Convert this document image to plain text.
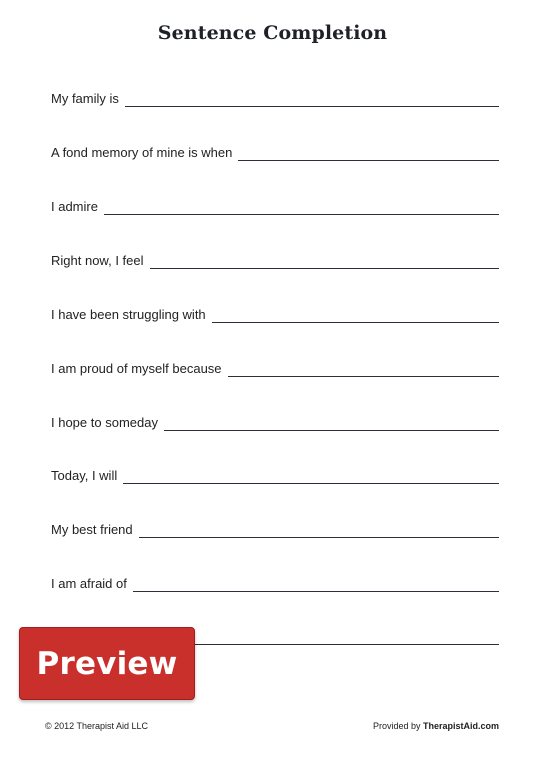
Sentence Completion
My family is
A fond memory of mine is when
I admire
Right now, I feel
I have been struggling with
I am proud of myself because
I hope to someday
Today, I will
My best friend
I am afraid of
Preview
© 2012 Therapist Aid LLC	Provided by TherapistAid.com
